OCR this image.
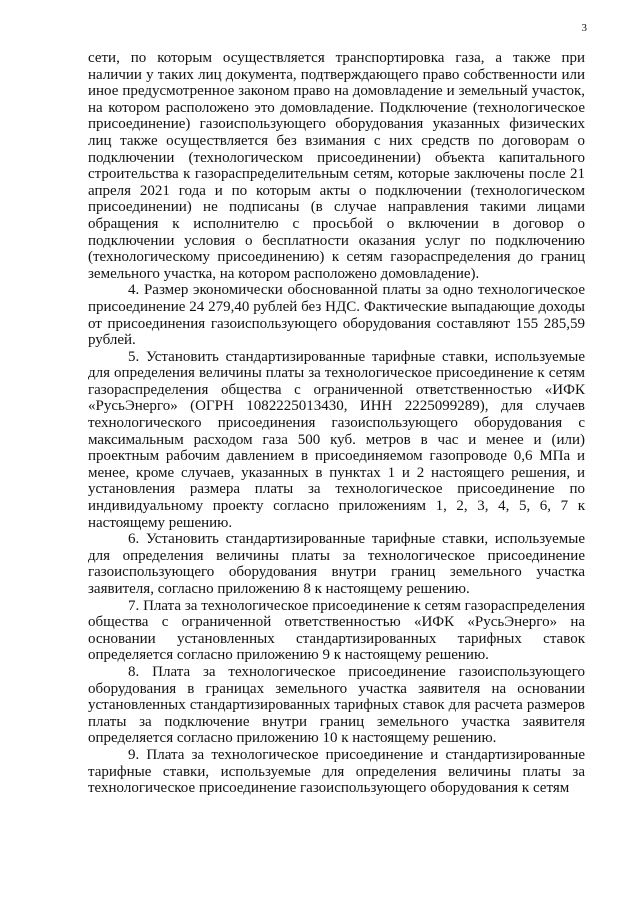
3

сети, по которым осуществляется транспортировка газа, а также при наличии у таких лиц документа, подтверждающего право собственности или иное предусмотренное законом право на домовладение и земельный участок, на котором расположено это домовладение. Подключение (технологическое присоединение) газоиспользующего оборудования указанных физических лиц также осуществляется без взимания с них средств по договорам о подключении (технологическом присоединении) объекта капитального строительства к газораспределительным сетям, которые заключены после 21 апреля 2021 года и по которым акты о подключении (технологическом присоединении) не подписаны (в случае направления такими лицами обращения к исполнителю с просьбой о включении в договор о подключении условия о бесплатности оказания услуг по подключению (технологическому присоединению) к сетям газораспределения до границ земельного участка, на котором расположено домовладение).

4. Размер экономически обоснованной платы за одно технологическое присоединение 24 279,40 рублей без НДС. Фактические выпадающие доходы от присоединения газоиспользующего оборудования составляют 155 285,59 рублей.

5. Установить стандартизированные тарифные ставки, используемые для определения величины платы за технологическое присоединение к сетям газораспределения общества с ограниченной ответственностью «ИФК «РусьЭнерго» (ОГРН 1082225013430, ИНН 2225099289), для случаев технологического присоединения газоиспользующего оборудования с максимальным расходом газа 500 куб. метров в час и менее и (или) проектным рабочим давлением в присоединяемом газопроводе 0,6 МПа и менее, кроме случаев, указанных в пунктах 1 и 2 настоящего решения, и установления размера платы за технологическое присоединение по индивидуальному проекту согласно приложениям 1, 2, 3, 4, 5, 6, 7 к настоящему решению.

6. Установить стандартизированные тарифные ставки, используемые для определения величины платы за технологическое присоединение газоиспользующего оборудования внутри границ земельного участка заявителя, согласно приложению 8 к настоящему решению.

7. Плата за технологическое присоединение к сетям газораспределения общества с ограниченной ответственностью «ИФК «РусьЭнерго» на основании установленных стандартизированных тарифных ставок определяется согласно приложению 9 к настоящему решению.

8. Плата за технологическое присоединение газоиспользующего оборудования в границах земельного участка заявителя на основании установленных стандартизированных тарифных ставок для расчета размеров платы за подключение внутри границ земельного участка заявителя определяется согласно приложению 10 к настоящему решению.

9. Плата за технологическое присоединение и стандартизированные тарифные ставки, используемые для определения величины платы за технологическое присоединение газоиспользующего оборудования к сетям
